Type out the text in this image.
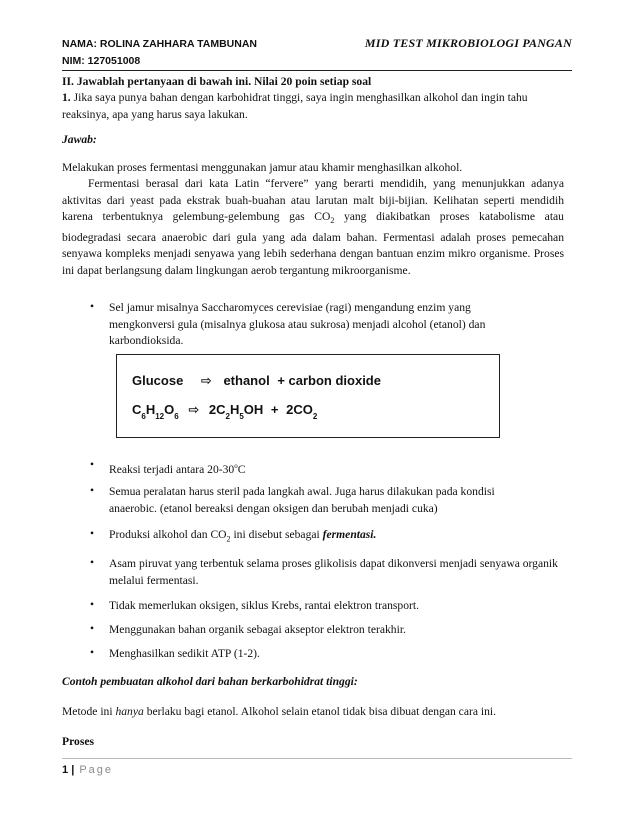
NAMA: ROLINA ZAHHARA TAMBUNAN
NIM: 127051008
MID TEST MIKROBIOLOGI PANGAN
II. Jawablah pertanyaan di bawah ini. Nilai 20 poin setiap soal
1. Jika saya punya bahan dengan karbohidrat tinggi, saya ingin menghasilkan alkohol dan ingin tahu reaksinya, apa yang harus saya lakukan.
Jawab:
Melakukan proses fermentasi menggunakan jamur atau khamir menghasilkan alkohol.
Fermentasi berasal dari kata Latin “fervere” yang berarti mendidih, yang menunjukkan adanya aktivitas dari yeast pada ekstrak buah-buahan atau larutan malt biji-bijian. Kelihatan seperti mendidih karena terbentuknya gelembung-gelembung gas $CO_2$ yang diakibatkan proses katabolisme atau biodegradasi secara anaerobic dari gula yang ada dalam bahan. Fermentasi adalah proses pemecahan senyawa kompleks menjadi senyawa yang lebih sederhana dengan bantuan enzim mikro organisme. Proses ini dapat berlangsung dalam lingkungan aerob tergantung mikroorganisme.
• Sel jamur misalnya Saccharomyces cerevisiae (ragi) mengandung enzim yang mengkonversi gula (misalnya glukosa atau sukrosa) menjadi alcohol (etanol) dan karbondioksida.
Glucose ⇨ ethanol + carbon dioxide
$C_6H_{12}O_6$ ⇨ $2C_2H_5OH + 2CO_2$
• Reaksi terjadi antara 20-30$^o$C
• Semua peralatan harus steril pada langkah awal. Juga harus dilakukan pada kondisi anaerobic. (etanol bereaksi dengan oksigen dan berubah menjadi cuka)
• Produksi alkohol dan $CO_2$ ini disebut sebagai fermentasi.
• Asam piruvat yang terbentuk selama proses glikolisis dapat dikonversi menjadi senyawa organik melalui fermentasi.
• Tidak memerlukan oksigen, siklus Krebs, rantai elektron transport.
• Menggunakan bahan organik sebagai akseptor elektron terakhir.
• Menghasilkan sedikit ATP (1-2).
Contoh pembuatan alkohol dari bahan berkarbohidrat tinggi:
Metode ini hanya berlaku bagi etanol. Alkohol selain etanol tidak bisa dibuat dengan cara ini.
Proses
1 | Page
